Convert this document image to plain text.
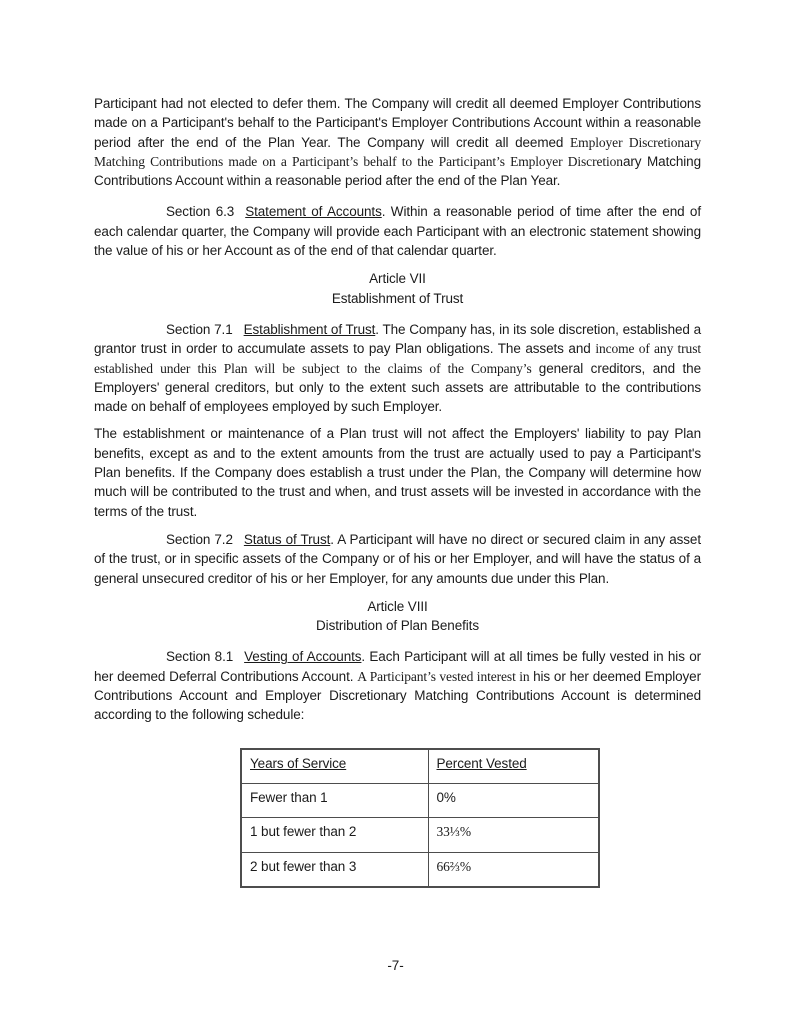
Participant had not elected to defer them. The Company will credit all deemed Employer Contributions made on a Participant's behalf to the Participant's Employer Contributions Account within a reasonable period after the end of the Plan Year. The Company will credit all deemed Employer Discretionary Matching Contributions made on a Participant’s behalf to the Participant’s Employer Discretionary Matching Contributions Account within a reasonable period after the end of the Plan Year.

Section 6.3 Statement of Accounts. Within a reasonable period of time after the end of each calendar quarter, the Company will provide each Participant with an electronic statement showing the value of his or her Account as of the end of that calendar quarter.

Article VII
Establishment of Trust

Section 7.1 Establishment of Trust. The Company has, in its sole discretion, established a grantor trust in order to accumulate assets to pay Plan obligations. The assets and income of any trust established under this Plan will be subject to the claims of the Company’s general creditors, and the Employers' general creditors, but only to the extent such assets are attributable to the contributions made on behalf of employees employed by such Employer.

The establishment or maintenance of a Plan trust will not affect the Employers' liability to pay Plan benefits, except as and to the extent amounts from the trust are actually used to pay a Participant's Plan benefits. If the Company does establish a trust under the Plan, the Company will determine how much will be contributed to the trust and when, and trust assets will be invested in accordance with the terms of the trust.

Section 7.2 Status of Trust. A Participant will have no direct or secured claim in any asset of the trust, or in specific assets of the Company or of his or her Employer, and will have the status of a general unsecured creditor of his or her Employer, for any amounts due under this Plan.

Article VIII
Distribution of Plan Benefits

Section 8.1 Vesting of Accounts. Each Participant will at all times be fully vested in his or her deemed Deferral Contributions Account. A Participant’s vested interest in his or her deemed Employer Contributions Account and Employer Discretionary Matching Contributions Account is determined according to the following schedule:

Years of Service	Percent Vested
Fewer than 1	0%
1 but fewer than 2	33⅓%
2 but fewer than 3	66⅔%
-7-
